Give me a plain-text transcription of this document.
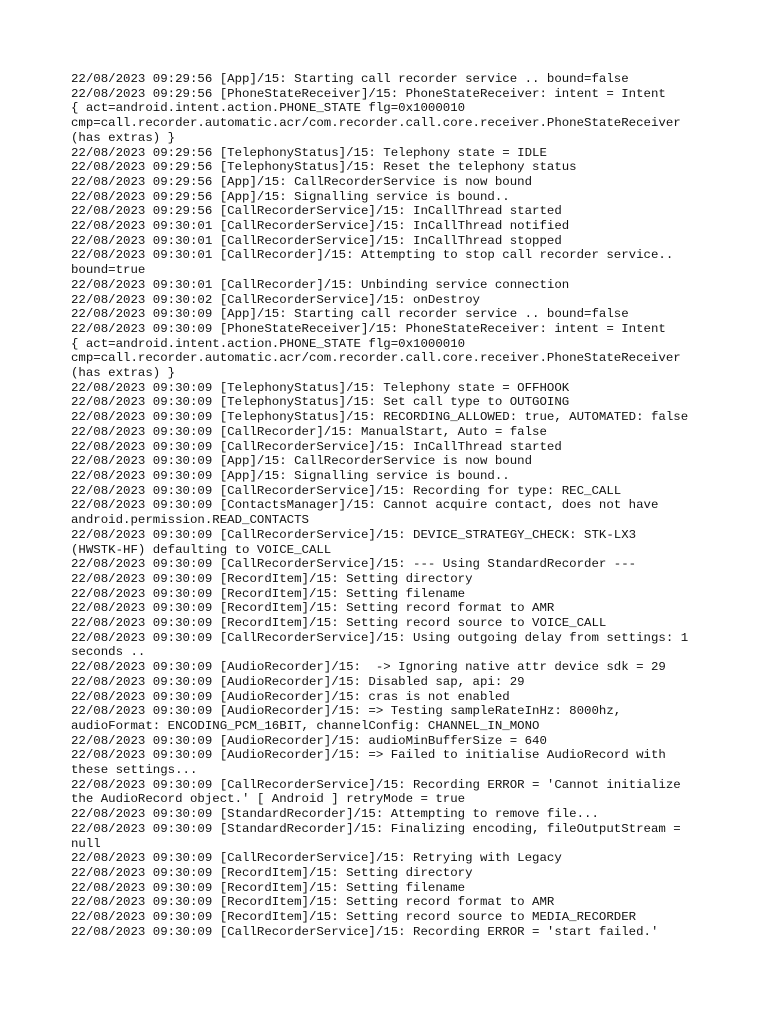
22/08/2023 09:29:56 [App]/15: Starting call recorder service .. bound=false
22/08/2023 09:29:56 [PhoneStateReceiver]/15: PhoneStateReceiver: intent = Intent
{ act=android.intent.action.PHONE_STATE flg=0x1000010
cmp=call.recorder.automatic.acr/com.recorder.call.core.receiver.PhoneStateReceiver
(has extras) }
22/08/2023 09:29:56 [TelephonyStatus]/15: Telephony state = IDLE
22/08/2023 09:29:56 [TelephonyStatus]/15: Reset the telephony status
22/08/2023 09:29:56 [App]/15: CallRecorderService is now bound
22/08/2023 09:29:56 [App]/15: Signalling service is bound..
22/08/2023 09:29:56 [CallRecorderService]/15: InCallThread started
22/08/2023 09:30:01 [CallRecorderService]/15: InCallThread notified
22/08/2023 09:30:01 [CallRecorderService]/15: InCallThread stopped
22/08/2023 09:30:01 [CallRecorder]/15: Attempting to stop call recorder service..
bound=true
22/08/2023 09:30:01 [CallRecorder]/15: Unbinding service connection
22/08/2023 09:30:02 [CallRecorderService]/15: onDestroy
22/08/2023 09:30:09 [App]/15: Starting call recorder service .. bound=false
22/08/2023 09:30:09 [PhoneStateReceiver]/15: PhoneStateReceiver: intent = Intent
{ act=android.intent.action.PHONE_STATE flg=0x1000010
cmp=call.recorder.automatic.acr/com.recorder.call.core.receiver.PhoneStateReceiver
(has extras) }
22/08/2023 09:30:09 [TelephonyStatus]/15: Telephony state = OFFHOOK
22/08/2023 09:30:09 [TelephonyStatus]/15: Set call type to OUTGOING
22/08/2023 09:30:09 [TelephonyStatus]/15: RECORDING_ALLOWED: true, AUTOMATED: false
22/08/2023 09:30:09 [CallRecorder]/15: ManualStart, Auto = false
22/08/2023 09:30:09 [CallRecorderService]/15: InCallThread started
22/08/2023 09:30:09 [App]/15: CallRecorderService is now bound
22/08/2023 09:30:09 [App]/15: Signalling service is bound..
22/08/2023 09:30:09 [CallRecorderService]/15: Recording for type: REC_CALL
22/08/2023 09:30:09 [ContactsManager]/15: Cannot acquire contact, does not have
android.permission.READ_CONTACTS
22/08/2023 09:30:09 [CallRecorderService]/15: DEVICE_STRATEGY_CHECK: STK-LX3
(HWSTK-HF) defaulting to VOICE_CALL
22/08/2023 09:30:09 [CallRecorderService]/15: --- Using StandardRecorder ---
22/08/2023 09:30:09 [RecordItem]/15: Setting directory
22/08/2023 09:30:09 [RecordItem]/15: Setting filename
22/08/2023 09:30:09 [RecordItem]/15: Setting record format to AMR
22/08/2023 09:30:09 [RecordItem]/15: Setting record source to VOICE_CALL
22/08/2023 09:30:09 [CallRecorderService]/15: Using outgoing delay from settings: 1
seconds ..
22/08/2023 09:30:09 [AudioRecorder]/15:  -> Ignoring native attr device sdk = 29
22/08/2023 09:30:09 [AudioRecorder]/15: Disabled sap, api: 29
22/08/2023 09:30:09 [AudioRecorder]/15: cras is not enabled
22/08/2023 09:30:09 [AudioRecorder]/15: => Testing sampleRateInHz: 8000hz,
audioFormat: ENCODING_PCM_16BIT, channelConfig: CHANNEL_IN_MONO
22/08/2023 09:30:09 [AudioRecorder]/15: audioMinBufferSize = 640
22/08/2023 09:30:09 [AudioRecorder]/15: => Failed to initialise AudioRecord with
these settings...
22/08/2023 09:30:09 [CallRecorderService]/15: Recording ERROR = 'Cannot initialize
the AudioRecord object.' [ Android ] retryMode = true
22/08/2023 09:30:09 [StandardRecorder]/15: Attempting to remove file...
22/08/2023 09:30:09 [StandardRecorder]/15: Finalizing encoding, fileOutputStream =
null
22/08/2023 09:30:09 [CallRecorderService]/15: Retrying with Legacy
22/08/2023 09:30:09 [RecordItem]/15: Setting directory
22/08/2023 09:30:09 [RecordItem]/15: Setting filename
22/08/2023 09:30:09 [RecordItem]/15: Setting record format to AMR
22/08/2023 09:30:09 [RecordItem]/15: Setting record source to MEDIA_RECORDER
22/08/2023 09:30:09 [CallRecorderService]/15: Recording ERROR = 'start failed.'
